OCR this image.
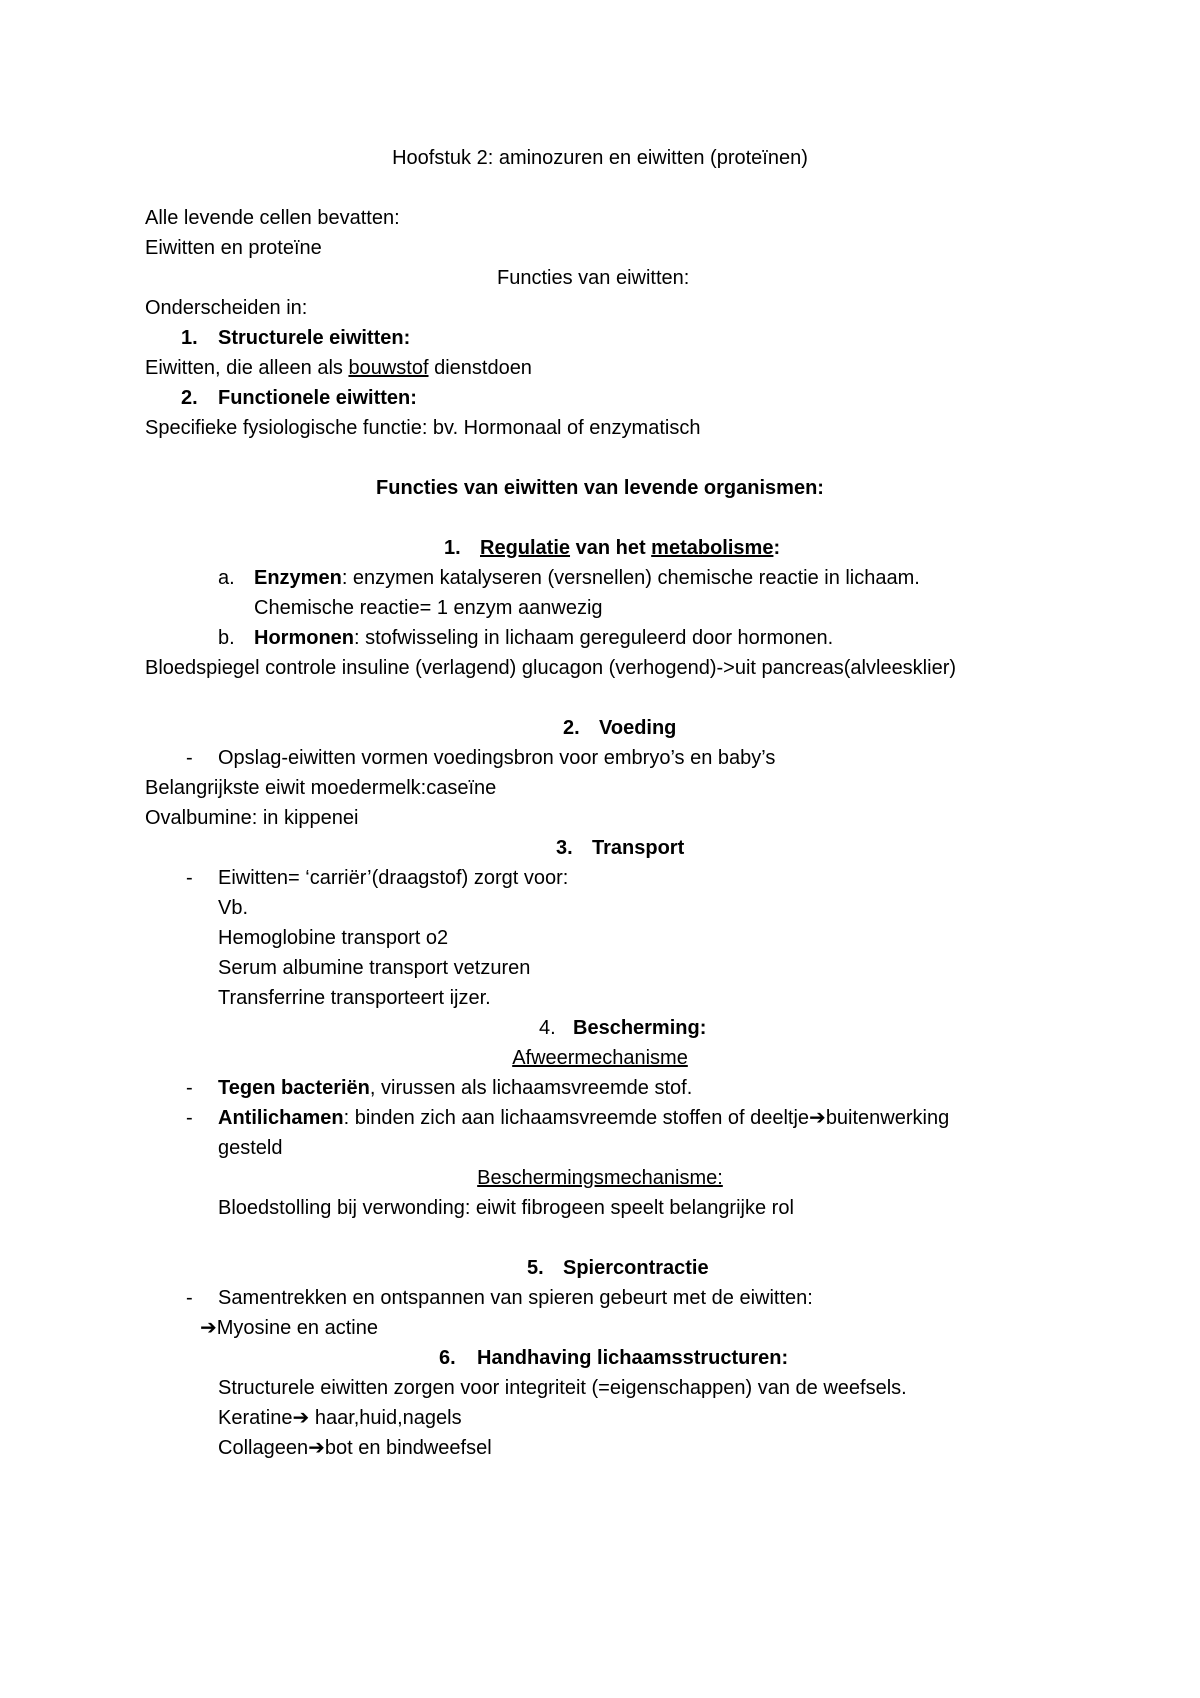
Hoofstuk 2: aminozuren en eiwitten (proteïnen)
Alle levende cellen bevatten:
Eiwitten en proteïne
Functies van eiwitten:
Onderscheiden in:
1. Structurele eiwitten:
Eiwitten, die alleen als bouwstof dienstdoen
2. Functionele eiwitten:
Specifieke fysiologische functie: bv. Hormonaal of enzymatisch
Functies van eiwitten van levende organismen:
1. Regulatie van het metabolisme:
a. Enzymen: enzymen katalyseren (versnellen) chemische reactie in lichaam.
Chemische reactie= 1 enzym aanwezig
b. Hormonen: stofwisseling in lichaam gereguleerd door hormonen.
Bloedspiegel controle insuline (verlagend) glucagon (verhogend)->uit pancreas(alvleesklier)
2. Voeding
- Opslag-eiwitten vormen voedingsbron voor embryo’s en baby’s
Belangrijkste eiwit moedermelk:caseïne
Ovalbumine: in kippenei
3. Transport
- Eiwitten= ‘carriër’(draagstof) zorgt voor:
Vb.
Hemoglobine transport o2
Serum albumine transport vetzuren
Transferrine transporteert ijzer.
4. Bescherming:
Afweermechanisme
- Tegen bacteriën, virussen als lichaamsvreemde stof.
- Antilichamen: binden zich aan lichaamsvreemde stoffen of deeltje➔buitenwerking
gesteld
Beschermingsmechanisme:
Bloedstolling bij verwonding: eiwit fibrogeen speelt belangrijke rol
5. Spiercontractie
- Samentrekken en ontspannen van spieren gebeurt met de eiwitten:
➔Myosine en actine
6. Handhaving lichaamsstructuren:
Structurele eiwitten zorgen voor integriteit (=eigenschappen) van de weefsels.
Keratine➔ haar,huid,nagels
Collageen➔bot en bindweefsel
